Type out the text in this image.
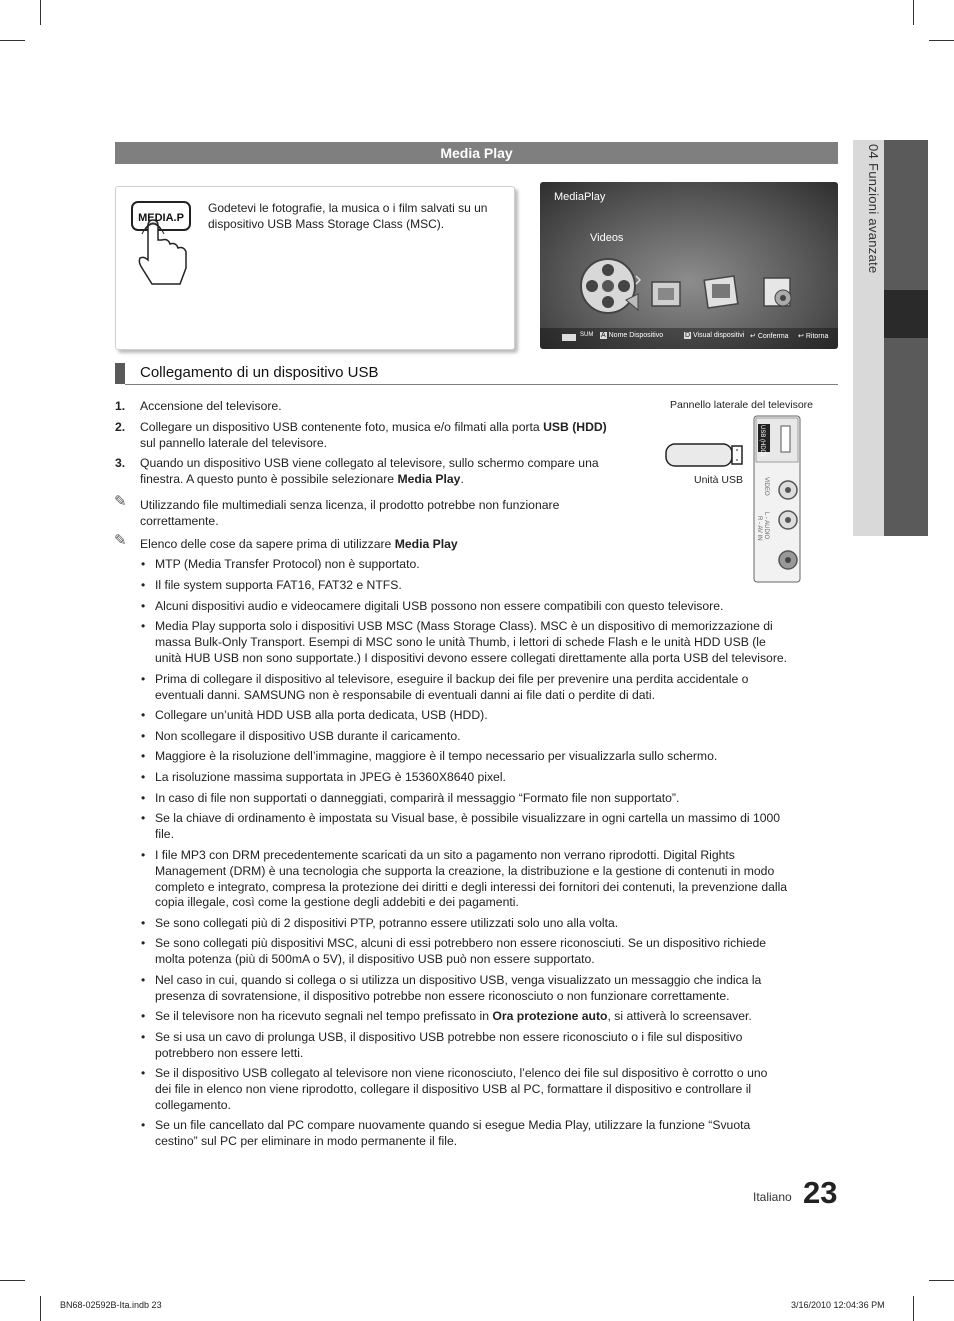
04 Funzioni avanzate
Media Play
MEDIA.P
Godetevi le fotografie, la musica o i film salvati su un dispositivo USB Mass Storage Class (MSC).
MediaPlay
Videos
SUM A Nome Dispositivo	D Visual dispositivi ↵ Conferma ↩ Ritorna
Collegamento di un dispositivo USB
1. Accensione del televisore.
2. Collegare un dispositivo USB contenente foto, musica e/o filmati alla porta USB (HDD)
sul pannello laterale del televisore.
3. Quando un dispositivo USB viene collegato al televisore, sullo schermo compare una
finestra. A questo punto è possibile selezionare Media Play.
✎ Utilizzando file multimediali senza licenza, il prodotto potrebbe non funzionare
correttamente.
✎ Elenco delle cose da sapere prima di utilizzare Media Play
Pannello laterale del televisore
USB (HDD)
VIDEO
L - AUDIO
R - AV IN
Unità USB
• MTP (Media Transfer Protocol) non è supportato.
• Il file system supporta FAT16, FAT32 e NTFS.
• Alcuni dispositivi audio e videocamere digitali USB possono non essere compatibili con questo televisore.
• Media Play supporta solo i dispositivi USB MSC (Mass Storage Class). MSC è un dispositivo di memorizzazione di
massa Bulk-Only Transport. Esempi di MSC sono le unità Thumb, i lettori di schede Flash e le unità HDD USB (le
unità HUB USB non sono supportate.) I dispositivi devono essere collegati direttamente alla porta USB del televisore.
• Prima di collegare il dispositivo al televisore, eseguire il backup dei file per prevenire una perdita accidentale o
eventuali danni. SAMSUNG non è responsabile di eventuali danni ai file dati o perdite di dati.
• Collegare un’unità HDD USB alla porta dedicata, USB (HDD).
• Non scollegare il dispositivo USB durante il caricamento.
• Maggiore è la risoluzione dell’immagine, maggiore è il tempo necessario per visualizzarla sullo schermo.
• La risoluzione massima supportata in JPEG è 15360X8640 pixel.
• In caso di file non supportati o danneggiati, comparirà il messaggio “Formato file non supportato”.
• Se la chiave di ordinamento è impostata su Visual base, è possibile visualizzare in ogni cartella un massimo di 1000
file.
• I file MP3 con DRM precedentemente scaricati da un sito a pagamento non verrano riprodotti. Digital Rights
Management (DRM) è una tecnologia che supporta la creazione, la distribuzione e la gestione di contenuti in modo
completo e integrato, compresa la protezione dei diritti e degli interessi dei fornitori dei contenuti, la prevenzione dalla
copia illegale, così come la gestione degli addebiti e dei pagamenti.
• Se sono collegati più di 2 dispositivi PTP, potranno essere utilizzati solo uno alla volta.
• Se sono collegati più dispositivi MSC, alcuni di essi potrebbero non essere riconosciuti. Se un dispositivo richiede
molta potenza (più di 500mA o 5V), il dispositivo USB può non essere supportato.
• Nel caso in cui, quando si collega o si utilizza un dispositivo USB, venga visualizzato un messaggio che indica la
presenza di sovratensione, il dispositivo potrebbe non essere riconosciuto o non funzionare correttamente.
• Se il televisore non ha ricevuto segnali nel tempo prefissato in Ora protezione auto, si attiverà lo screensaver.
• Se si usa un cavo di prolunga USB, il dispositivo USB potrebbe non essere riconosciuto o i file sul dispositivo
potrebbero non essere letti.
• Se il dispositivo USB collegato al televisore non viene riconosciuto, l’elenco dei file sul dispositivo è corrotto o uno
dei file in elenco non viene riprodotto, collegare il dispositivo USB al PC, formattare il dispositivo e controllare il
collegamento.
• Se un file cancellato dal PC compare nuovamente quando si esegue Media Play, utilizzare la funzione “Svuota
cestino” sul PC per eliminare in modo permanente il file.
Italiano 23
BN68-02592B-Ita.indb 23	3/16/2010 12:04:36 PM
